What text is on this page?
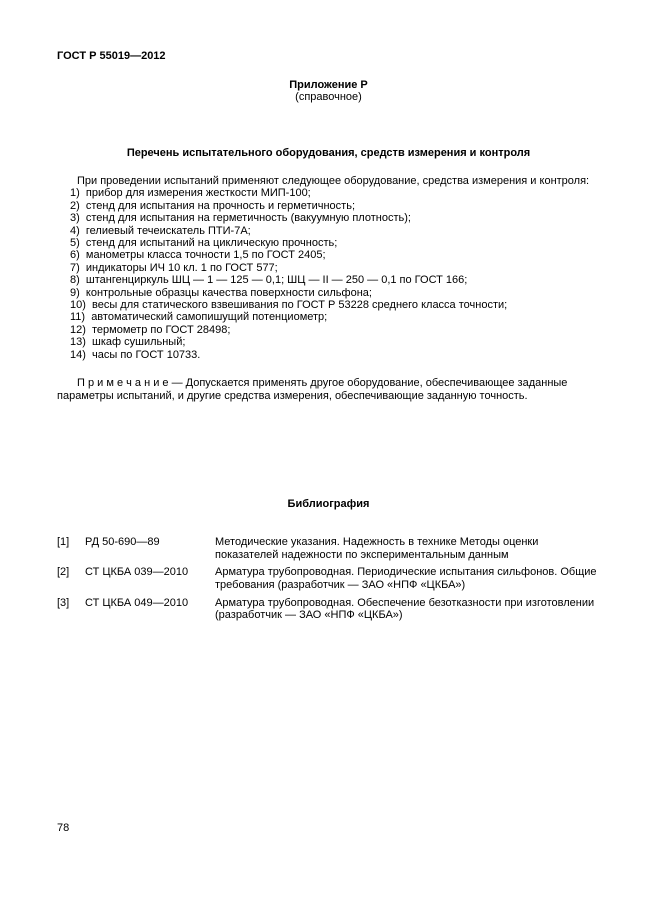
ГОСТ Р 55019—2012
Приложение Р
(справочное)
Перечень испытательного оборудования, средств измерения и контроля

При проведении испытаний применяют следующее оборудование, средства измерения и контроля:

1)  прибор для измерения жесткости МИП-100;
2)  стенд для испытания на прочность и герметичность;
3)  стенд для испытания на герметичность (вакуумную плотность);
4)  гелиевый течеискатель ПТИ-7А;
5)  стенд для испытаний на циклическую прочность;
6)  манометры класса точности 1,5 по ГОСТ 2405;
7)  индикаторы ИЧ 10 кл. 1 по ГОСТ 577;
8)  штангенциркуль ШЦ — 1 — 125 — 0,1; ШЦ — II — 250 — 0,1 по ГОСТ 166;
9)  контрольные образцы качества поверхности сильфона;
10)  весы для статического взвешивания по ГОСТ Р 53228 среднего класса точности;
11)  автоматический самопишущий потенциометр;
12)  термометр по ГОСТ 28498;
13)  шкаф сушильный;
14)  часы по ГОСТ 10733.

П р и м е ч а н и е — Допускается применять другое оборудование, обеспечивающее заданные параметры испытаний, и другие средства измерения, обеспечивающие заданную точность.

Библиография
[1]	РД 50-690—89	Методические указания. Надежность в технике Методы оценки показателей надежности по экспериментальным данным
[2]	СТ ЦКБА 039—2010	Арматура трубопроводная. Периодические испытания сильфонов. Общие требования (разработчик — ЗАО «НПФ «ЦКБА»)
[3]	СТ ЦКБА 049—2010	Арматура трубопроводная. Обеспечение безотказности при изготовлении (разработчик — ЗАО «НПФ «ЦКБА»)
78
